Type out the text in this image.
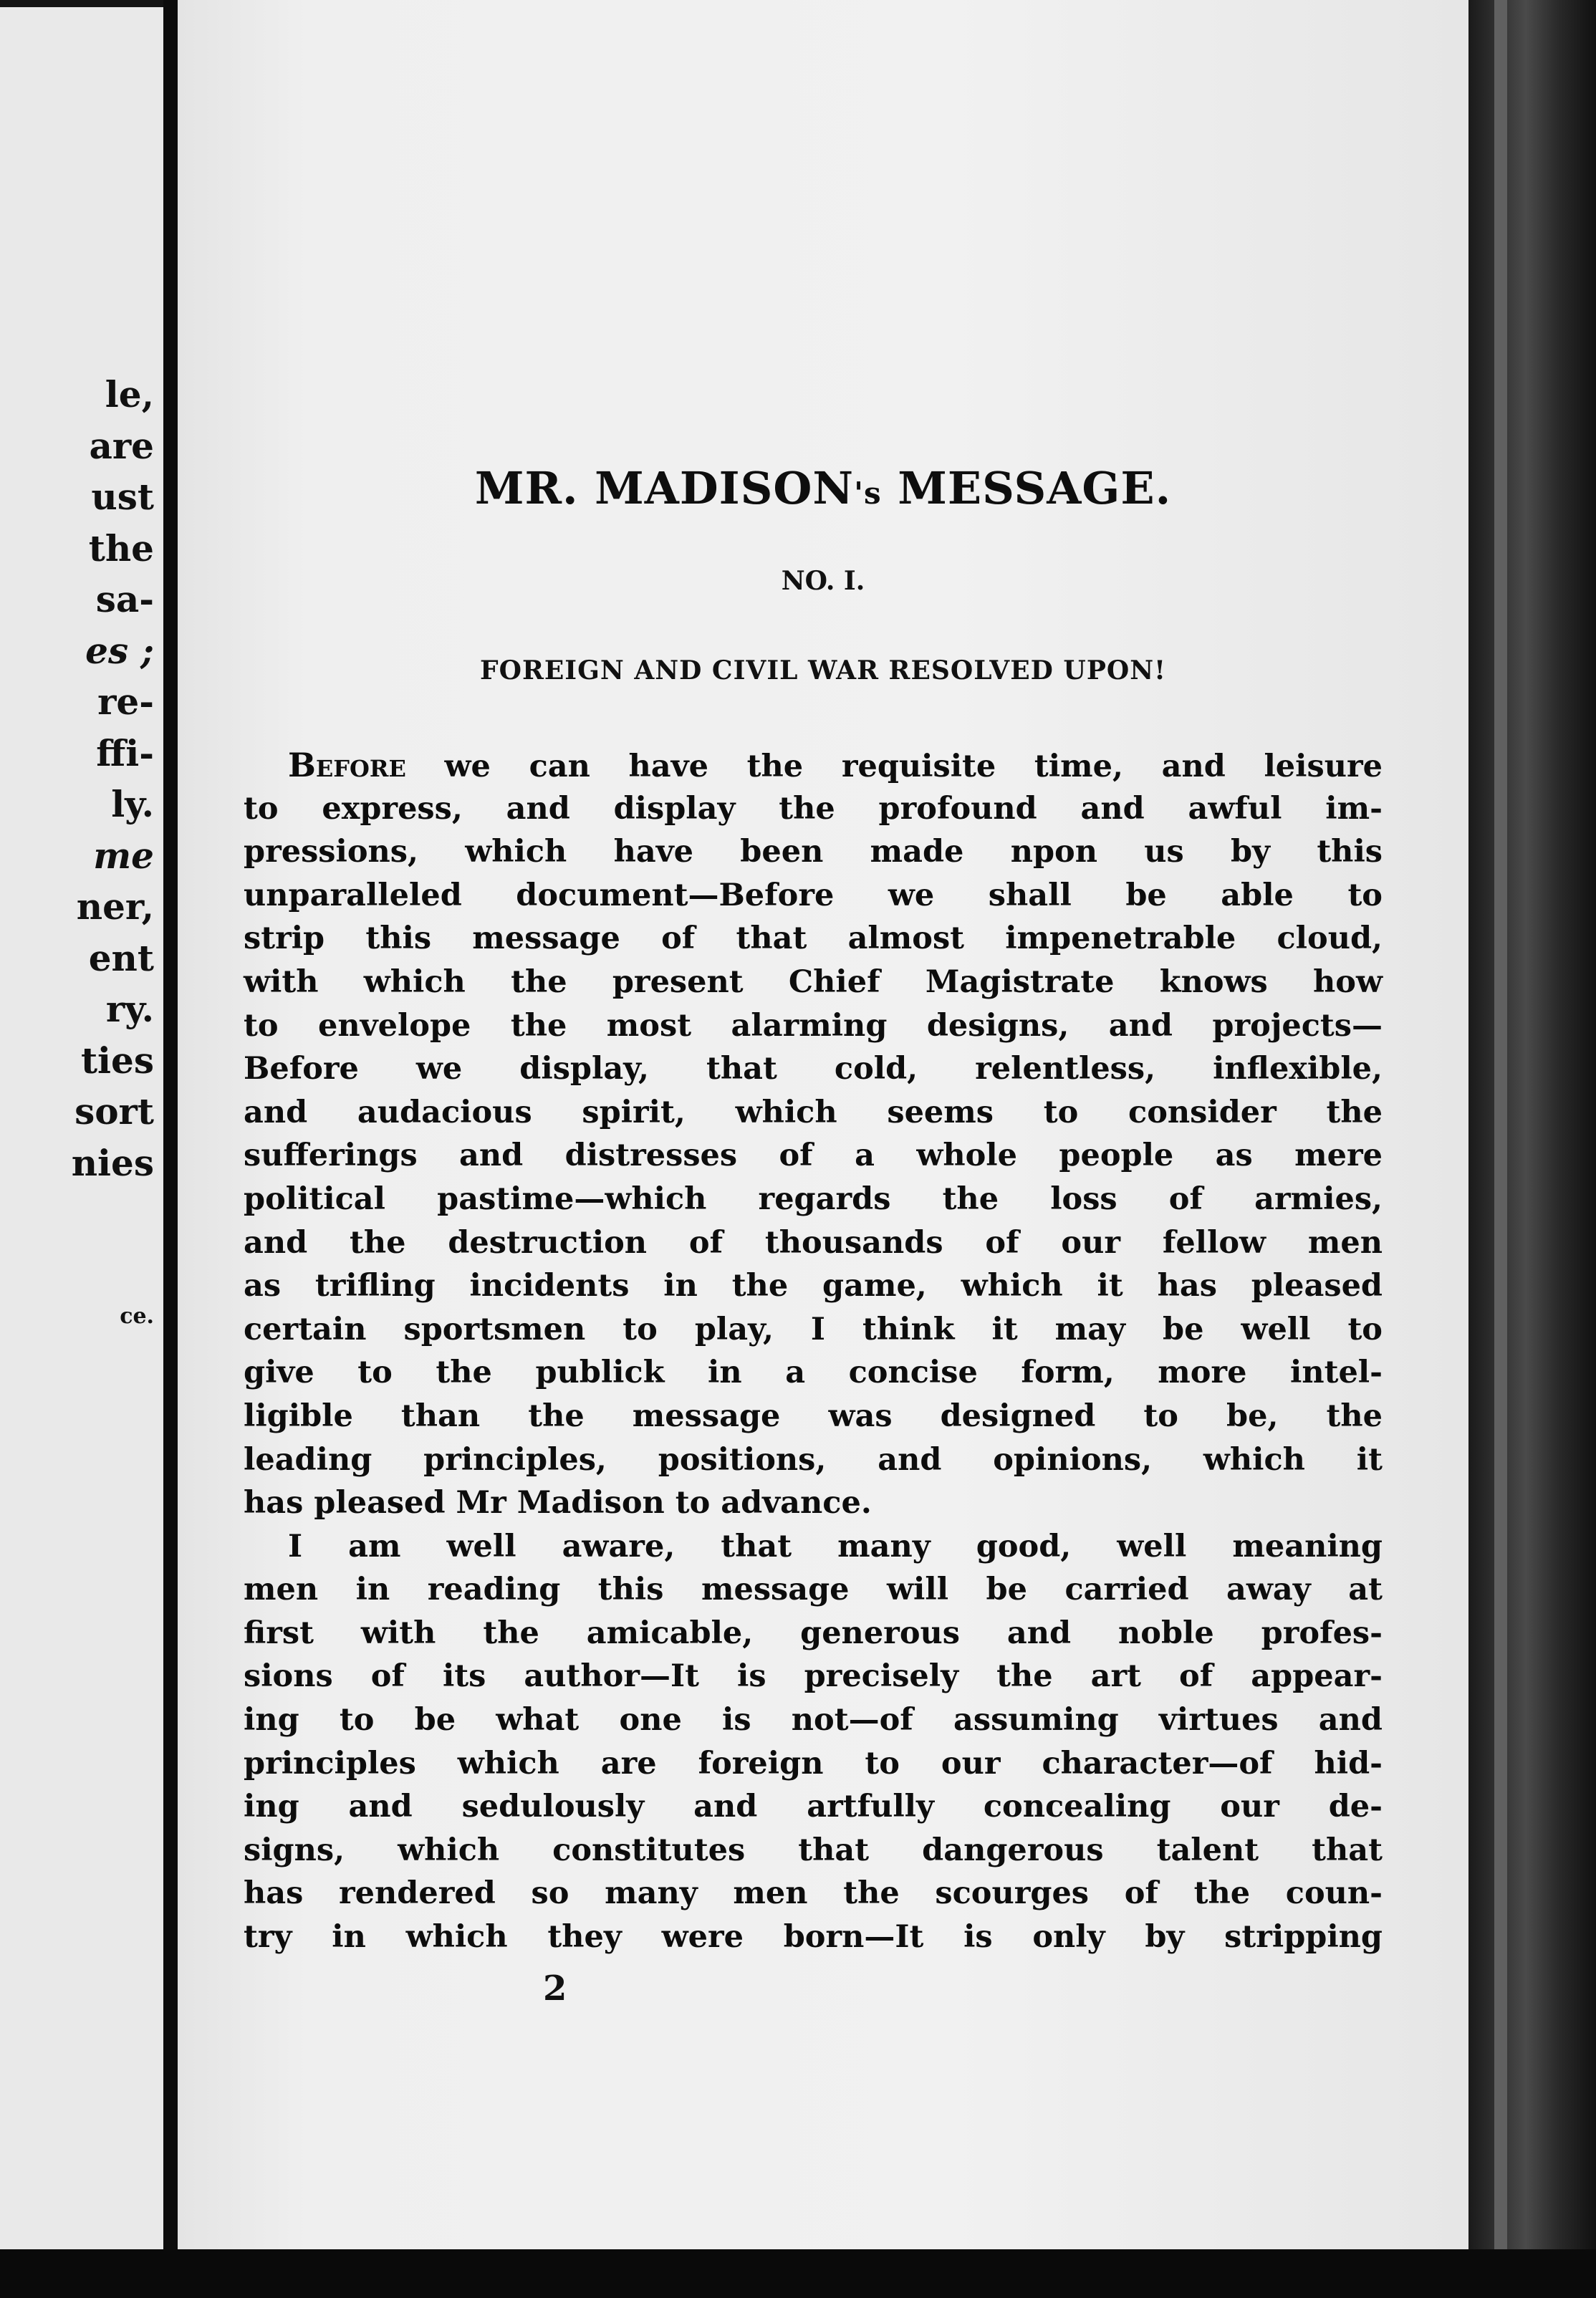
le,
are
ust
the
sa-
es ;
re-
ffi-
ly.
me
ner,
ent
ry.
ties
sort
nies
ce.
MR. MADISON's MESSAGE.
NO. I.
FOREIGN AND CIVIL WAR RESOLVED UPON!
Before we can have the requisite time, and leisure
to express, and display the profound and awful im-
pressions, which have been made npon us by this
unparalleled document—Before we shall be able to
strip this message of that almost impenetrable cloud,
with which the present Chief Magistrate knows how
to envelope the most alarming designs, and projects—
Before we display, that cold, relentless, inflexible,
and audacious spirit, which seems to consider the
sufferings and distresses of a whole people as mere
political pastime—which regards the loss of armies,
and the destruction of thousands of our fellow men
as trifling incidents in the game, which it has pleased
certain sportsmen to play, I think it may be well to
give to the publick in a concise form, more intel-
ligible than the message was designed to be, the
leading principles, positions, and opinions, which it
has pleased Mr Madison to advance.
I am well aware, that many good, well meaning
men in reading this message will be carried away at
first with the amicable, generous and noble profes-
sions of its author—It is precisely the art of appear-
ing to be what one is not—of assuming virtues and
principles which are foreign to our character—of hid-
ing and sedulously and artfully concealing our de-
signs, which constitutes that dangerous talent that
has rendered so many men the scourges of the coun-
try in which they were born—It is only by stripping
2
